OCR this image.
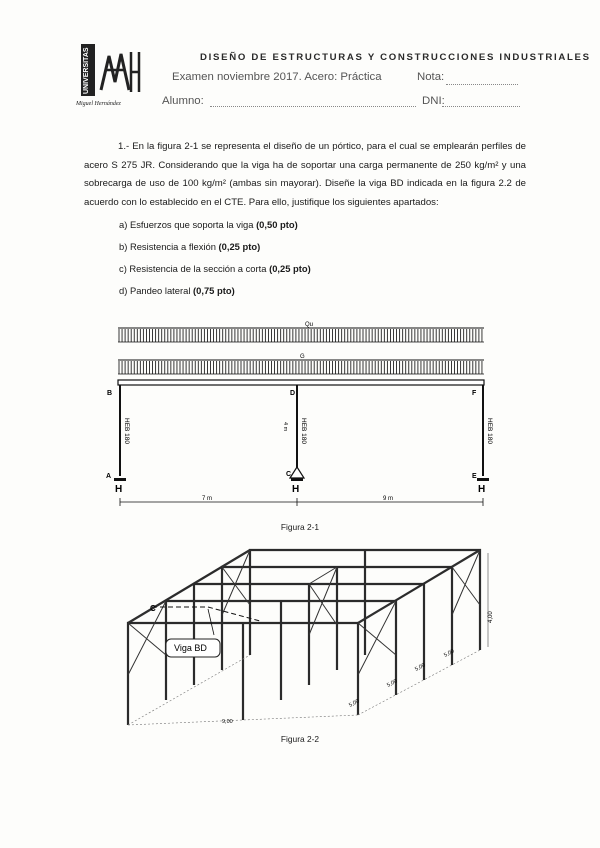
UNIVERSITAS
Miguel Hernández
DISEÑO DE ESTRUCTURAS Y CONSTRUCCIONES INDUSTRIALES
Examen noviembre 2017. Acero: Práctica	Nota:
Alumno:	DNI:
1.- En la figura 2-1 se representa el diseño de un pórtico, para el cual se emplearán perfiles de acero S 275 JR. Considerando que la viga ha de soportar una carga permanente de 250 kg/m² y una sobrecarga de uso de 100 kg/m² (ambas sin mayorar). Diseñe la viga BD indicada en la figura 2.2 de acuerdo con lo establecido en el CTE. Para ello, justifique los siguientes apartados:
a) Esfuerzos que soporta la viga (0,50 pto)
b) Resistencia a flexión (0,25 pto)
c) Resistencia de la sección a corta (0,25 pto)
d) Pandeo lateral (0,75 pto)
Qu
G
B	D	F
A	C	E
HEB 180	HEB 180	HEB 180
4 m
H	H	H
7 m	9 m
Figura 2-1
C
Viga BD
4,00
5,00
5,00
5,00
5,00
9,00
Figura 2-2
